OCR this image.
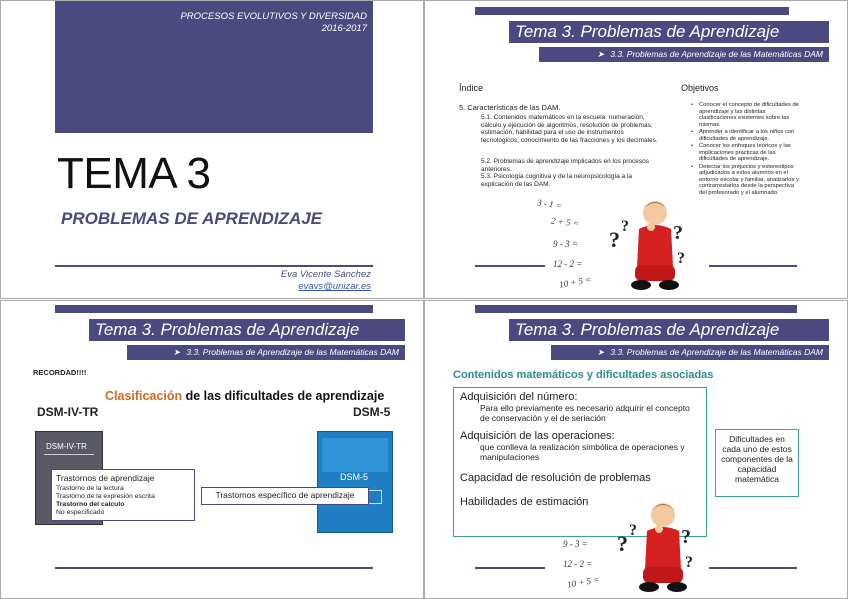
PROCESOS EVOLUTIVOS Y DIVERSIDAD
2016-2017
TEMA 3
PROBLEMAS DE APRENDIZAJE
Eva Vicente Sánchez
evavs@unizar.es
Tema 3. Problemas de Aprendizaje
➤ 3.3. Problemas de Aprendizaje de las Matemáticas DAM
Índice	Objetivos
5. Características de las DAM.
5.1. Contenidos matemáticos en la escuela: numeración, cálculo y ejecución de algoritmos, resolución de problemas, estimación, habilidad para el uso de instrumentos tecnológicos, conocimiento de las fracciones y los decimales.
5.2. Problemas de aprendizaje implicados en los procesos anteriores.
5.3. Psicología cognitiva y de la neuropsicología a la explicación de las DAM.
• Conocer el concepto de dificultades de aprendizaje y las distintas clasificaciones existentes sobre las mismas.
• Aprender a identificar a los niños con dificultades de aprendizaje.
• Conocer los enfoques teóricos y las implicaciones prácticas de las dificultades de aprendizaje.
• Detectar los prejuicios y estereotipos adjudicados a estos alumnos en el entorno escolar y familiar, analizarlos y contrarrestarlos desde la perspectiva del profesorado y el alumnado.
3 - 1 =
2 + 5 =
9 - 3 =
12 - 2 =
10 + 5 =
?
? ?
?
Tema 3. Problemas de Aprendizaje
➤ 3.3. Problemas de Aprendizaje de las Matemáticas DAM
RECORDAD!!!!
Clasificación de las dificultades de aprendizaje
DSM-IV-TR	DSM-5
DSM-IV-TR
DSM-5
Trastornos de aprendizaje
Trastorno de la lectura
Trastorno de la expresión escrita
Trastorno del calculo
No especificado
Trastornos específico de aprendizaje
Tema 3. Problemas de Aprendizaje
➤ 3.3. Problemas de Aprendizaje de las Matemáticas DAM
Contenidos matemáticos y dificultades asociadas
Adquisición del número:
Para ello previamente es necesario adquirir el concepto de conservación y el de seriación
Adquisición de las operaciones:
que conlleva la realización simbólica de operaciones y manipulaciones
Capacidad de resolución de problemas
Habilidades de estimación
Dificultades en cada uno de estos componentes de la capacidad matemática
9 - 3 =
12 - 2 =
10 + 5 =
?
? ?
?
